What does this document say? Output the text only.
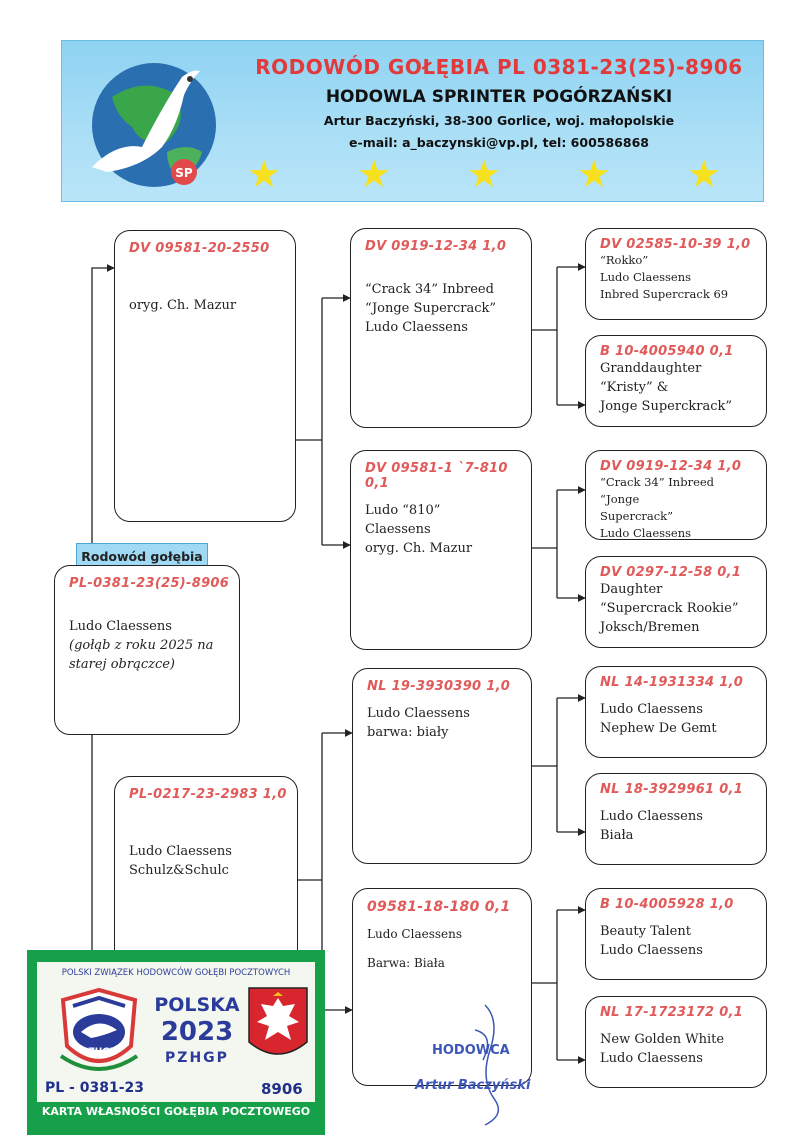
SP
RODOWÓD GOŁĘBIA PL 0381-23(25)-8906
HODOWLA SPRINTER POGÓRZAŃSKI
Artur Baczyński, 38-300 Gorlice, woj. małopolskie
e-mail: a_baczynski@vp.pl, tel: 600586868
★ ★ ★ ★ ★
Rodowód gołębia
PL-0381-23(25)-8906
Ludo Claessens
(gołąb z roku 2025 na starej obrączce)
DV 09581-20-2550
oryg. Ch. Mazur
PL-0217-23-2983 1,0
Ludo Claessens
Schulz&Schulc
DV 0919-12-34 1,0
“Crack 34” Inbreed
“Jonge Supercrack”
Ludo Claessens
DV 09581-1 `7-810
0,1
Ludo “810”
Claessens
oryg. Ch. Mazur
NL 19-3930390 1,0
Ludo Claessens
barwa: biały
09581-18-180 0,1
Ludo Claessens
Barwa: Biała
DV 02585-10-39 1,0
“Rokko”
Ludo Claessens
Inbred Supercrack 69
B 10-4005940 0,1
Granddaughter “Kristy” &
Jonge Superckrack”
DV 0919-12-34 1,0
“Crack 34” Inbreed “Jonge
Supercrack”
Ludo Claessens
DV 0297-12-58 0,1
Daughter
“Supercrack Rookie”
Joksch/Bremen
NL 14-1931334 1,0
Ludo Claessens
Nephew De Gemt
NL 18-3929961 0,1
Ludo Claessens
Biała
B 10-4005928 1,0
Beauty Talent
Ludo Claessens
NL 17-1723172 0,1
New Golden White
Ludo Claessens
POLSKI ZWIĄZEK HODOWCÓW GOŁĘBI POCZTOWYCH
PZHGP
POLSKA
2023
PZHGP
PL - 0381-23	8906
KARTA WŁASNOŚCI GOŁĘBIA POCZTOWEGO
HODOWCA
Artur Baczyński
